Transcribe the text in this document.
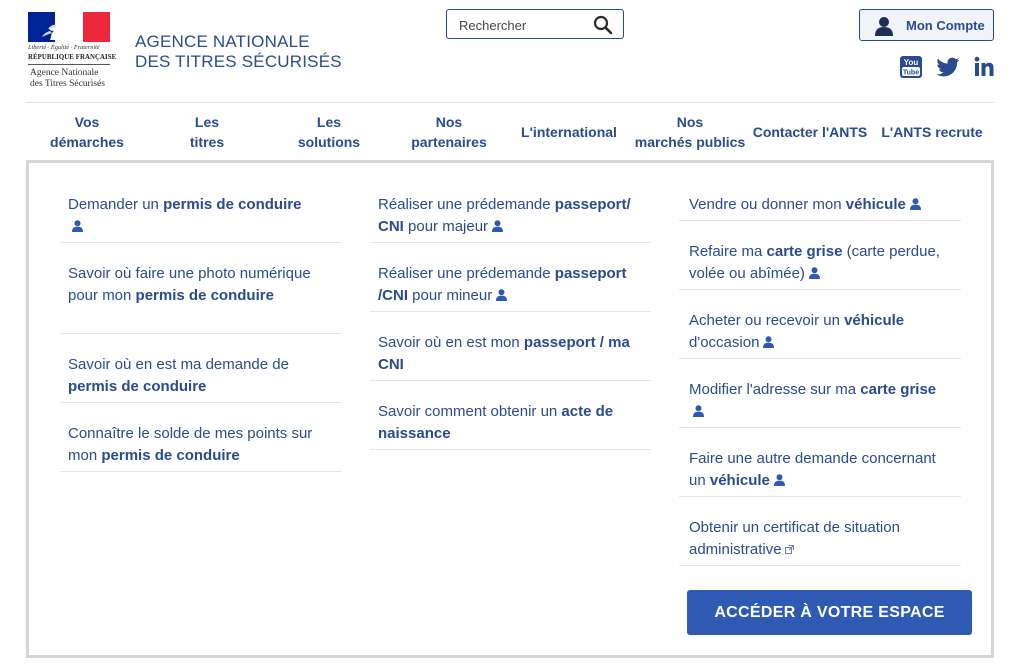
Liberté · Égalité · Fraternité
RÉPUBLIQUE FRANÇAISE
Agence Nationale
des Titres Sécurisés
AGENCE NATIONALE
DES TITRES SÉCURISÉS
Rechercher
Mon Compte
You
Tube
Vos
démarches
Les
titres
Les
solutions
Nos
partenaires
L'international
Nos
marchés publics
Contacter l'ANTS	L'ANTS recrute
Demander un permis de conduire

Savoir où faire une photo numérique pour mon permis de conduire
Savoir où en est ma demande de permis de conduire
Connaître le solde de mes points sur mon permis de conduire
Réaliser une prédemande passeport/ CNI pour majeur
Réaliser une prédemande passeport /CNI pour mineur
Savoir où en est mon passeport / ma CNI
Savoir comment obtenir un acte de naissance
Vendre ou donner mon véhicule
Refaire ma carte grise (carte perdue, volée ou abîmée)
Acheter ou recevoir un véhicule d'occasion
Modifier l'adresse sur ma carte grise
Faire une autre demande concernant un véhicule
Obtenir un certificat de situation administrative
ACCÉDER À VOTRE ESPACE
